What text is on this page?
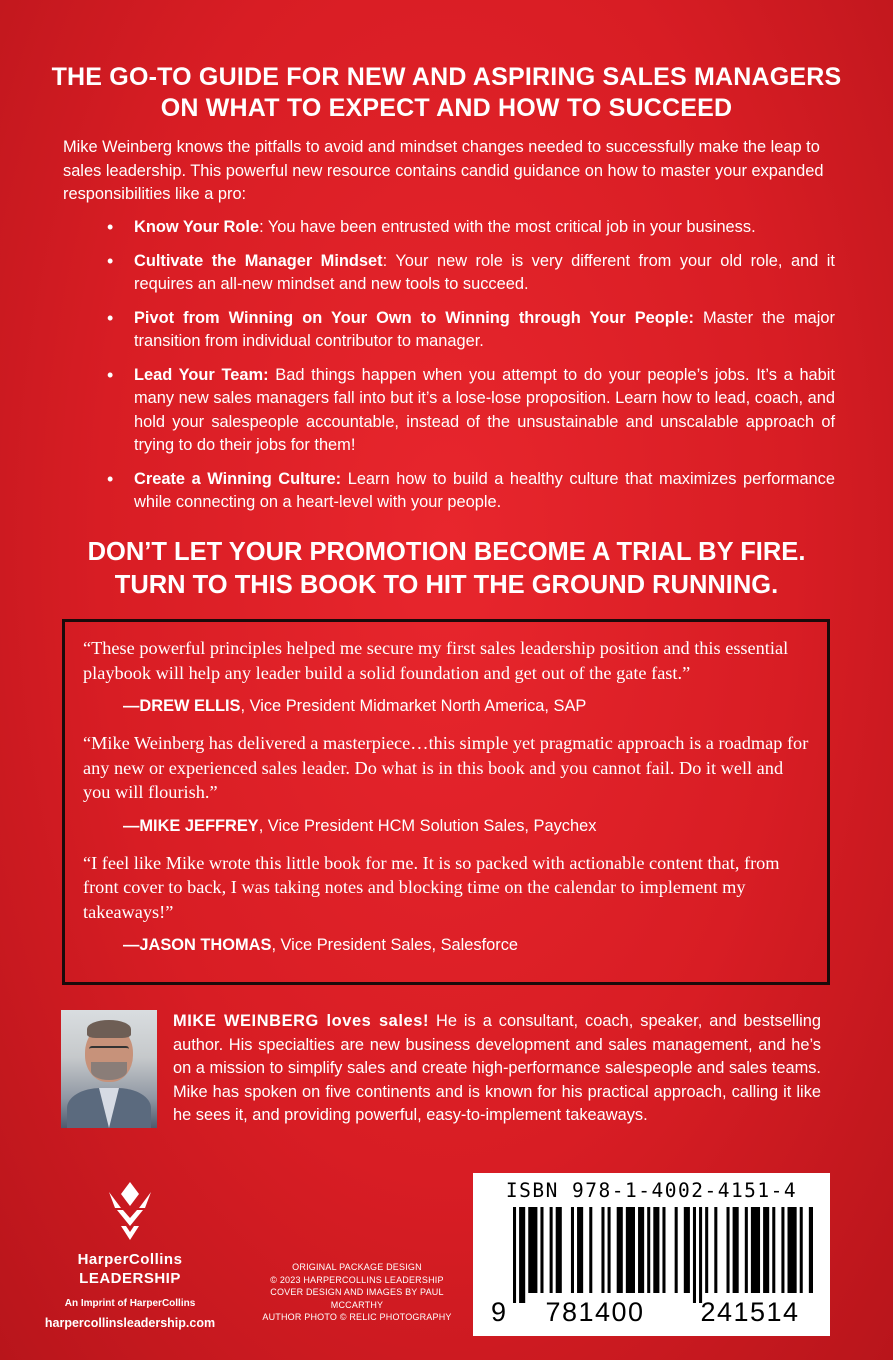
THE GO-TO GUIDE FOR NEW AND ASPIRING SALES MANAGERS
ON WHAT TO EXPECT AND HOW TO SUCCEED
Mike Weinberg knows the pitfalls to avoid and mindset changes needed to successfully make the leap to sales leadership. This powerful new resource contains candid guidance on how to master your expanded responsibilities like a pro:
• Know Your Role: You have been entrusted with the most critical job in your business.
• Cultivate the Manager Mindset: Your new role is very different from your old role, and it requires an all-new mindset and new tools to succeed.
• Pivot from Winning on Your Own to Winning through Your People: Master the major transition from individual contributor to manager.
• Lead Your Team: Bad things happen when you attempt to do your people’s jobs. It’s a habit many new sales managers fall into but it’s a lose-lose proposition. Learn how to lead, coach, and hold your salespeople accountable, instead of the unsustainable and unscalable approach of trying to do their jobs for them!
• Create a Winning Culture: Learn how to build a healthy culture that maximizes performance while connecting on a heart-level with your people.
DON’T LET YOUR PROMOTION BECOME A TRIAL BY FIRE.
TURN TO THIS BOOK TO HIT THE GROUND RUNNING.

“These powerful principles helped me secure my first sales leadership position and this essential playbook will help any leader build a solid foundation and get out of the gate fast.”

—DREW ELLIS, Vice President Midmarket North America, SAP

“Mike Weinberg has delivered a masterpiece…this simple yet pragmatic approach is a roadmap for any new or experienced sales leader. Do what is in this book and you cannot fail. Do it well and you will flourish.”

—MIKE JEFFREY, Vice President HCM Solution Sales, Paychex

“I feel like Mike wrote this little book for me. It is so packed with actionable content that, from front cover to back, I was taking notes and blocking time on the calendar to implement my takeaways!”

—JASON THOMAS, Vice President Sales, Salesforce
MIKE WEINBERG loves sales! He is a consultant, coach, speaker, and bestselling author. His specialties are new business development and sales management, and he’s on a mission to simplify sales and create high-performance salespeople and sales teams. Mike has spoken on five continents and is known for his practical approach, calling it like he sees it, and providing powerful, easy-to-implement takeaways.
HarperCollins
LEADERSHIP
An Imprint of HarperCollins
harpercollinsleadership.com
ORIGINAL PACKAGE DESIGN
© 2023 HARPERCOLLINS LEADERSHIP
COVER DESIGN AND IMAGES BY PAUL MCCARTHY
AUTHOR PHOTO © RELIC PHOTOGRAPHY
ISBN 978-1-4002-4151-4
9 781400 241514
